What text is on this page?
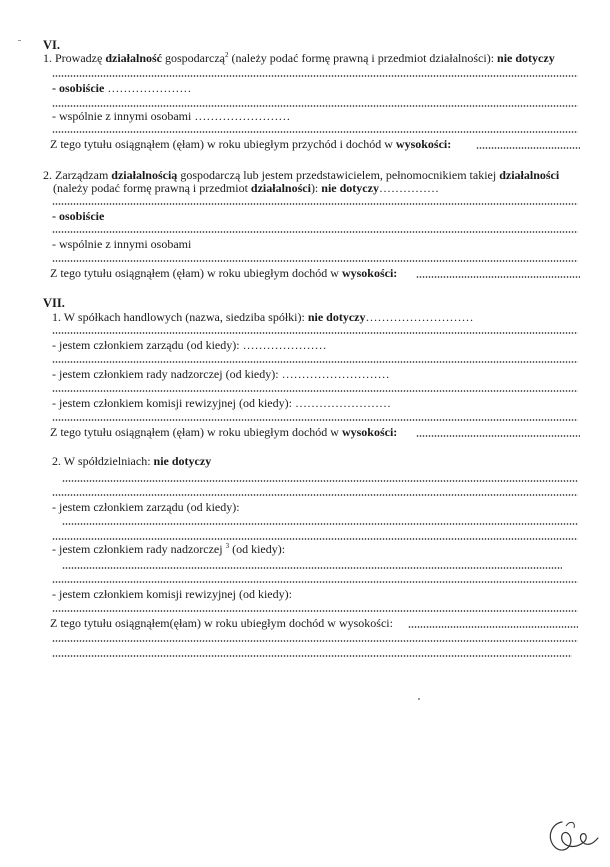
VI.
1. Prowadzę działalność gospodarczą$^2$ (należy podać formę prawną i przedmiot działalności): nie dotyczy
- osobiście …………………
- wspólnie z innymi osobami ……………………
Z tego tytułu osiągnąłem (ęłam) w roku ubiegłym przychód i dochód w wysokości:
2. Zarządzam działalnością gospodarczą lub jestem przedstawicielem, pełnomocnikiem takiej działalności
(należy podać formę prawną i przedmiot działalności): nie dotyczy……………
- osobiście
- wspólnie z innymi osobami
Z tego tytułu osiągnąłem (ęłam) w roku ubiegłym dochód w wysokości:
VII.
1. W spółkach handlowych (nazwa, siedziba spółki): nie dotyczy………………………
- jestem członkiem zarządu (od kiedy): …………………
- jestem członkiem rady nadzorczej (od kiedy): ………………………
- jestem członkiem komisji rewizyjnej (od kiedy): ……………………
Z tego tytułu osiągnąłem (ęłam) w roku ubiegłym dochód w wysokości:
2. W spółdzielniach: nie dotyczy
- jestem członkiem zarządu (od kiedy):
- jestem członkiem rady nadzorczej $^3$ (od kiedy):
- jestem członkiem komisji rewizyjnej (od kiedy):
Z tego tytułu osiągnąłem(ęłam) w roku ubiegłym dochód w wysokości:
